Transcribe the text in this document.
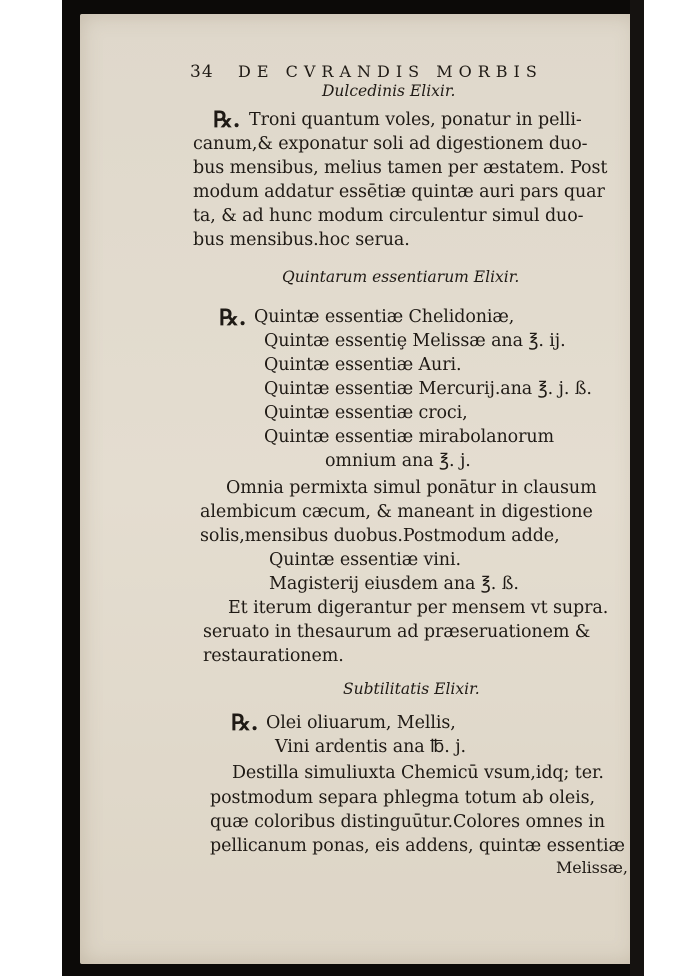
34 DE CVRANDIS MORBIS
Dulcedinis Elixir.
℞. Troni quantum voles, ponatur in pelli-
canum,& exponatur soli ad digestionem duo-
bus mensibus, melius tamen per æstatem. Post
modum addatur essētiæ quintæ auri pars quar
ta, & ad hunc modum circulentur simul duo-
bus mensibus.hoc serua.
Quintarum essentiarum Elixir.
℞. Quintæ essentiæ Chelidoniæ,
Quintæ essentiȩ Melissæ ana ℥. ij.
Quintæ essentiæ Auri.
Quintæ essentiæ Mercurij.ana ℥. j. ß.
Quintæ essentiæ croci,
Quintæ essentiæ mirabolanorum
omnium ana ℥. j.
Omnia permixta simul ponātur in clausum
alembicum cæcum, & maneant in digestione
solis,mensibus duobus.Postmodum adde,
Quintæ essentiæ vini.
Magisterij eiusdem ana ℥. ß.
Et iterum digerantur per mensem vt supra.
seruato in thesaurum ad præseruationem &
restaurationem.
Subtilitatis Elixir.
℞. Olei oliuarum, Mellis,
Vini ardentis ana ℔. j.
Destilla simuliuxta Chemicū vsum,idq; ter.
postmodum separa phlegma totum ab oleis,
quæ coloribus distinguūtur.Colores omnes in
pellicanum ponas, eis addens, quintæ essentiæ
Melissæ,
